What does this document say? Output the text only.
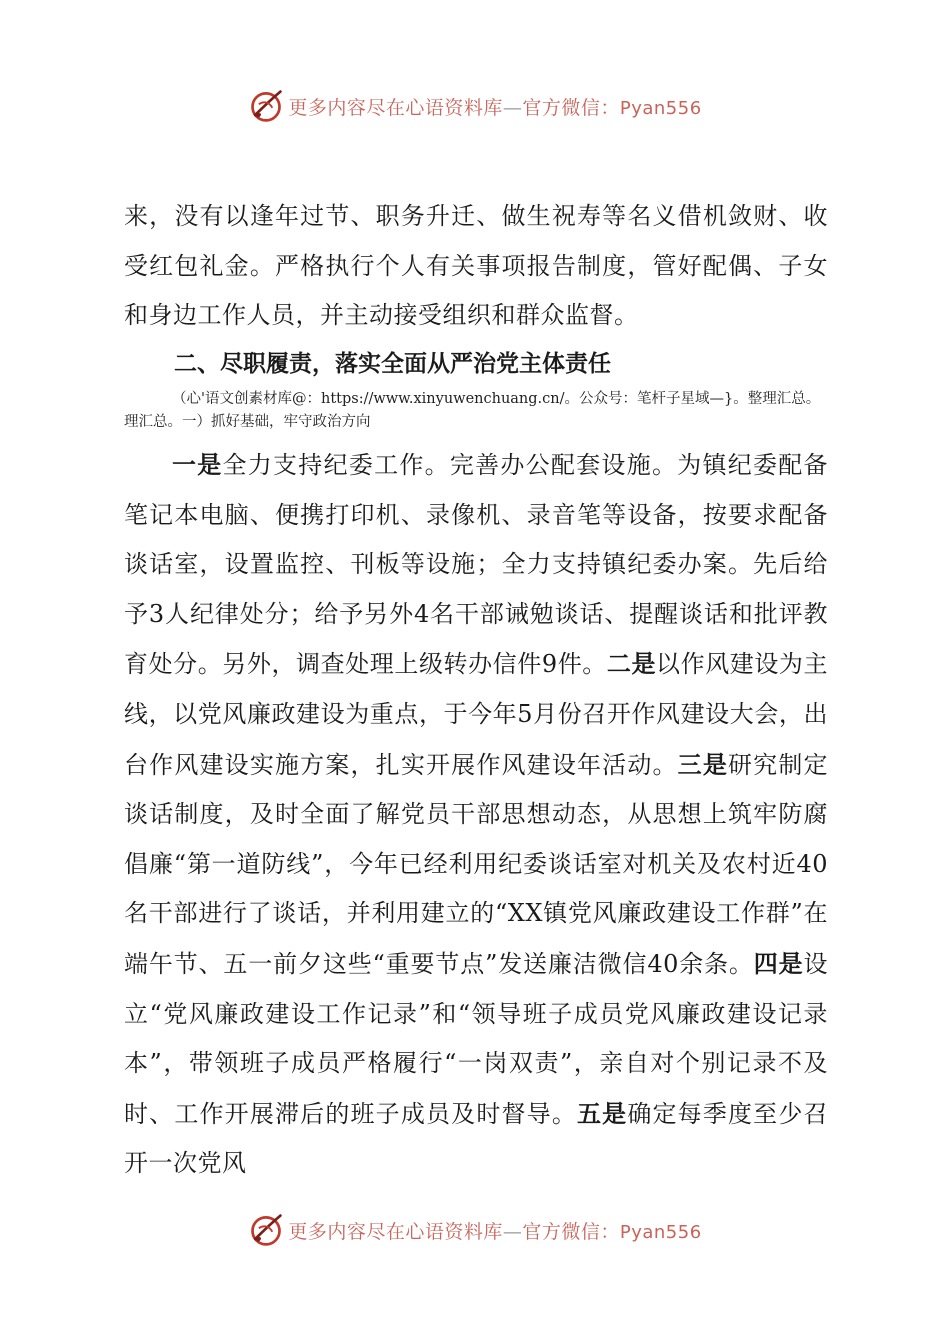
更多内容尽在心语资料库—官方微信：Pyan556

来，没有以逢年过节、职务升迁、做生祝寿等名义借机敛财、收受红包礼金。严格执行个人有关事项报告制度，管好配偶、子女和身边工作人员，并主动接受组织和群众监督。

二、尽职履责，落实全面从严治党主体责任
（心'语文创素材库@：https://www.xinyuwenchuang.cn/。公众号：笔杆子星域—}。整理汇总。
理汇总。一）抓好基础，牢守政治方向

一是全力支持纪委工作。完善办公配套设施。为镇纪委配备笔记本电脑、便携打印机、录像机、录音笔等设备，按要求配备谈话室，设置监控、刊板等设施；全力支持镇纪委办案。先后给予3人纪律处分；给予另外4名干部诫勉谈话、提醒谈话和批评教育处分。另外，调查处理上级转办信件9件。二是以作风建设为主线，以党风廉政建设为重点，于今年5月份召开作风建设大会，出台作风建设实施方案，扎实开展作风建设年活动。三是研究制定谈话制度，及时全面了解党员干部思想动态，从思想上筑牢防腐倡廉“第一道防线”，今年已经利用纪委谈话室对机关及农村近40名干部进行了谈话，并利用建立的“XX镇党风廉政建设工作群”在端午节、五一前夕这些“重要节点”发送廉洁微信40余条。四是设立“党风廉政建设工作记录”和“领导班子成员党风廉政建设记录本”，带领班子成员严格履行“一岗双责”，亲自对个别记录不及时、工作开展滞后的班子成员及时督导。五是确定每季度至少召开一次党风

更多内容尽在心语资料库—官方微信：Pyan556
